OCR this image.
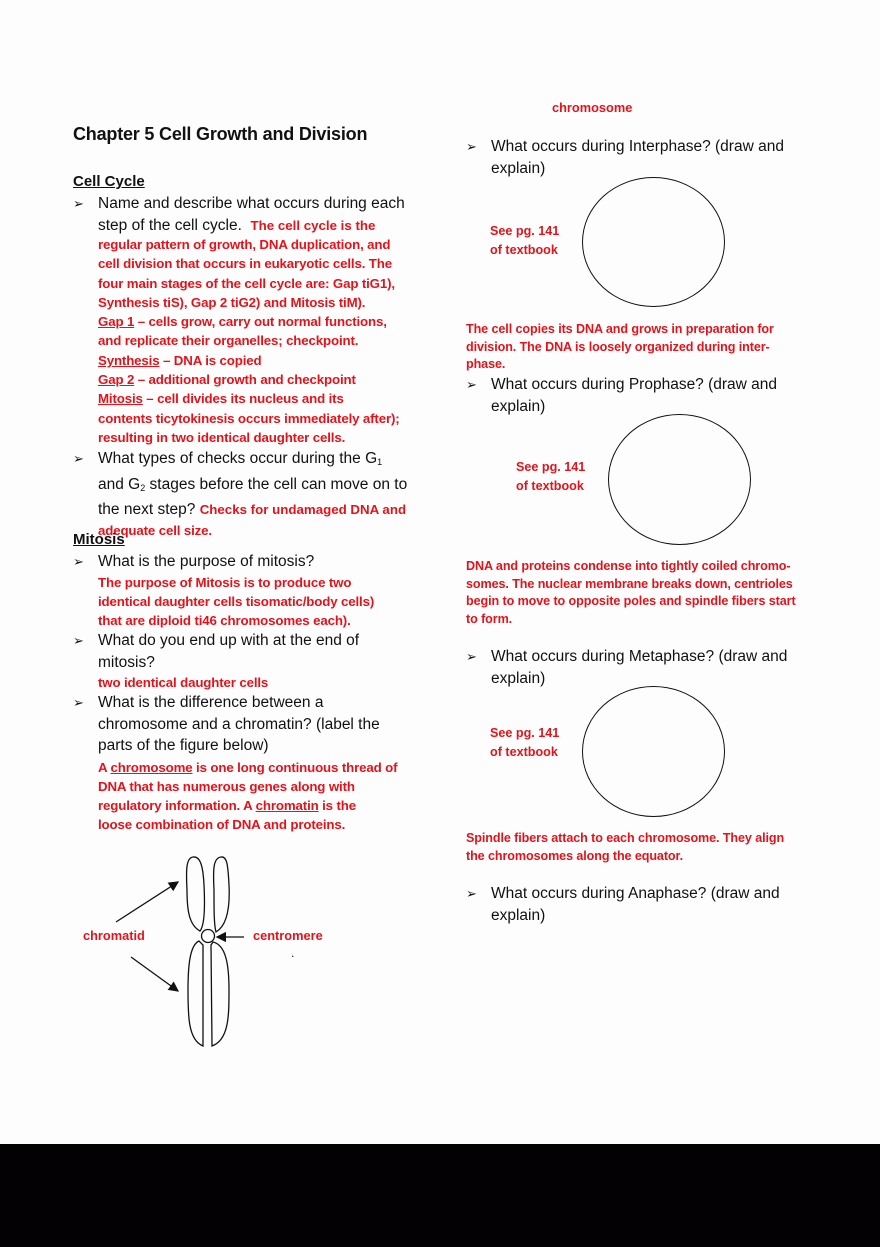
Chapter 5 Cell Growth and Division
Cell Cycle
➢ Name and describe what occurs during each
step of the cell cycle. The cell cycle is the
regular pattern of growth, DNA duplication, and
cell division that occurs in eukaryotic cells. The
four main stages of the cell cycle are: Gap tiG1),
Synthesis tiS), Gap 2 tiG2) and Mitosis tiM).
Gap 1 – cells grow, carry out normal functions,
and replicate their organelles; checkpoint.
Synthesis – DNA is copied
Gap 2 – additional growth and checkpoint
Mitosis – cell divides its nucleus and its
contents ticytokinesis occurs immediately after);
resulting in two identical daughter cells.
➢ What types of checks occur during the $G_1$
and $G_2$ stages before the cell can move on to
the next step? Checks for undamaged DNA and
adequate cell size.
Mitosis
➢ What is the purpose of mitosis?
The purpose of Mitosis is to produce two
identical daughter cells tisomatic/body cells)
that are diploid ti46 chromosomes each).
➢ What do you end up with at the end of
mitosis?
two identical daughter cells
➢ What is the difference between a
chromosome and a chromatin? (label the
parts of the figure below)
A chromosome is one long continuous thread of
DNA that has numerous genes along with
regulatory information. A chromatin is the
loose combination of DNA and proteins.
chromatid	centromere
.
chromosome
➢ What occurs during Interphase? (draw and
explain)
See pg. 141
of textbook
The cell copies its DNA and grows in preparation for
division. The DNA is loosely organized during inter-
phase.
➢ What occurs during Prophase? (draw and
explain)
See pg. 141
of textbook
DNA and proteins condense into tightly coiled chromo-
somes. The nuclear membrane breaks down, centrioles
begin to move to opposite poles and spindle fibers start
to form.
➢ What occurs during Metaphase? (draw and
explain)
See pg. 141
of textbook
Spindle fibers attach to each chromosome. They align
the chromosomes along the equator.
➢ What occurs during Anaphase? (draw and
explain)
